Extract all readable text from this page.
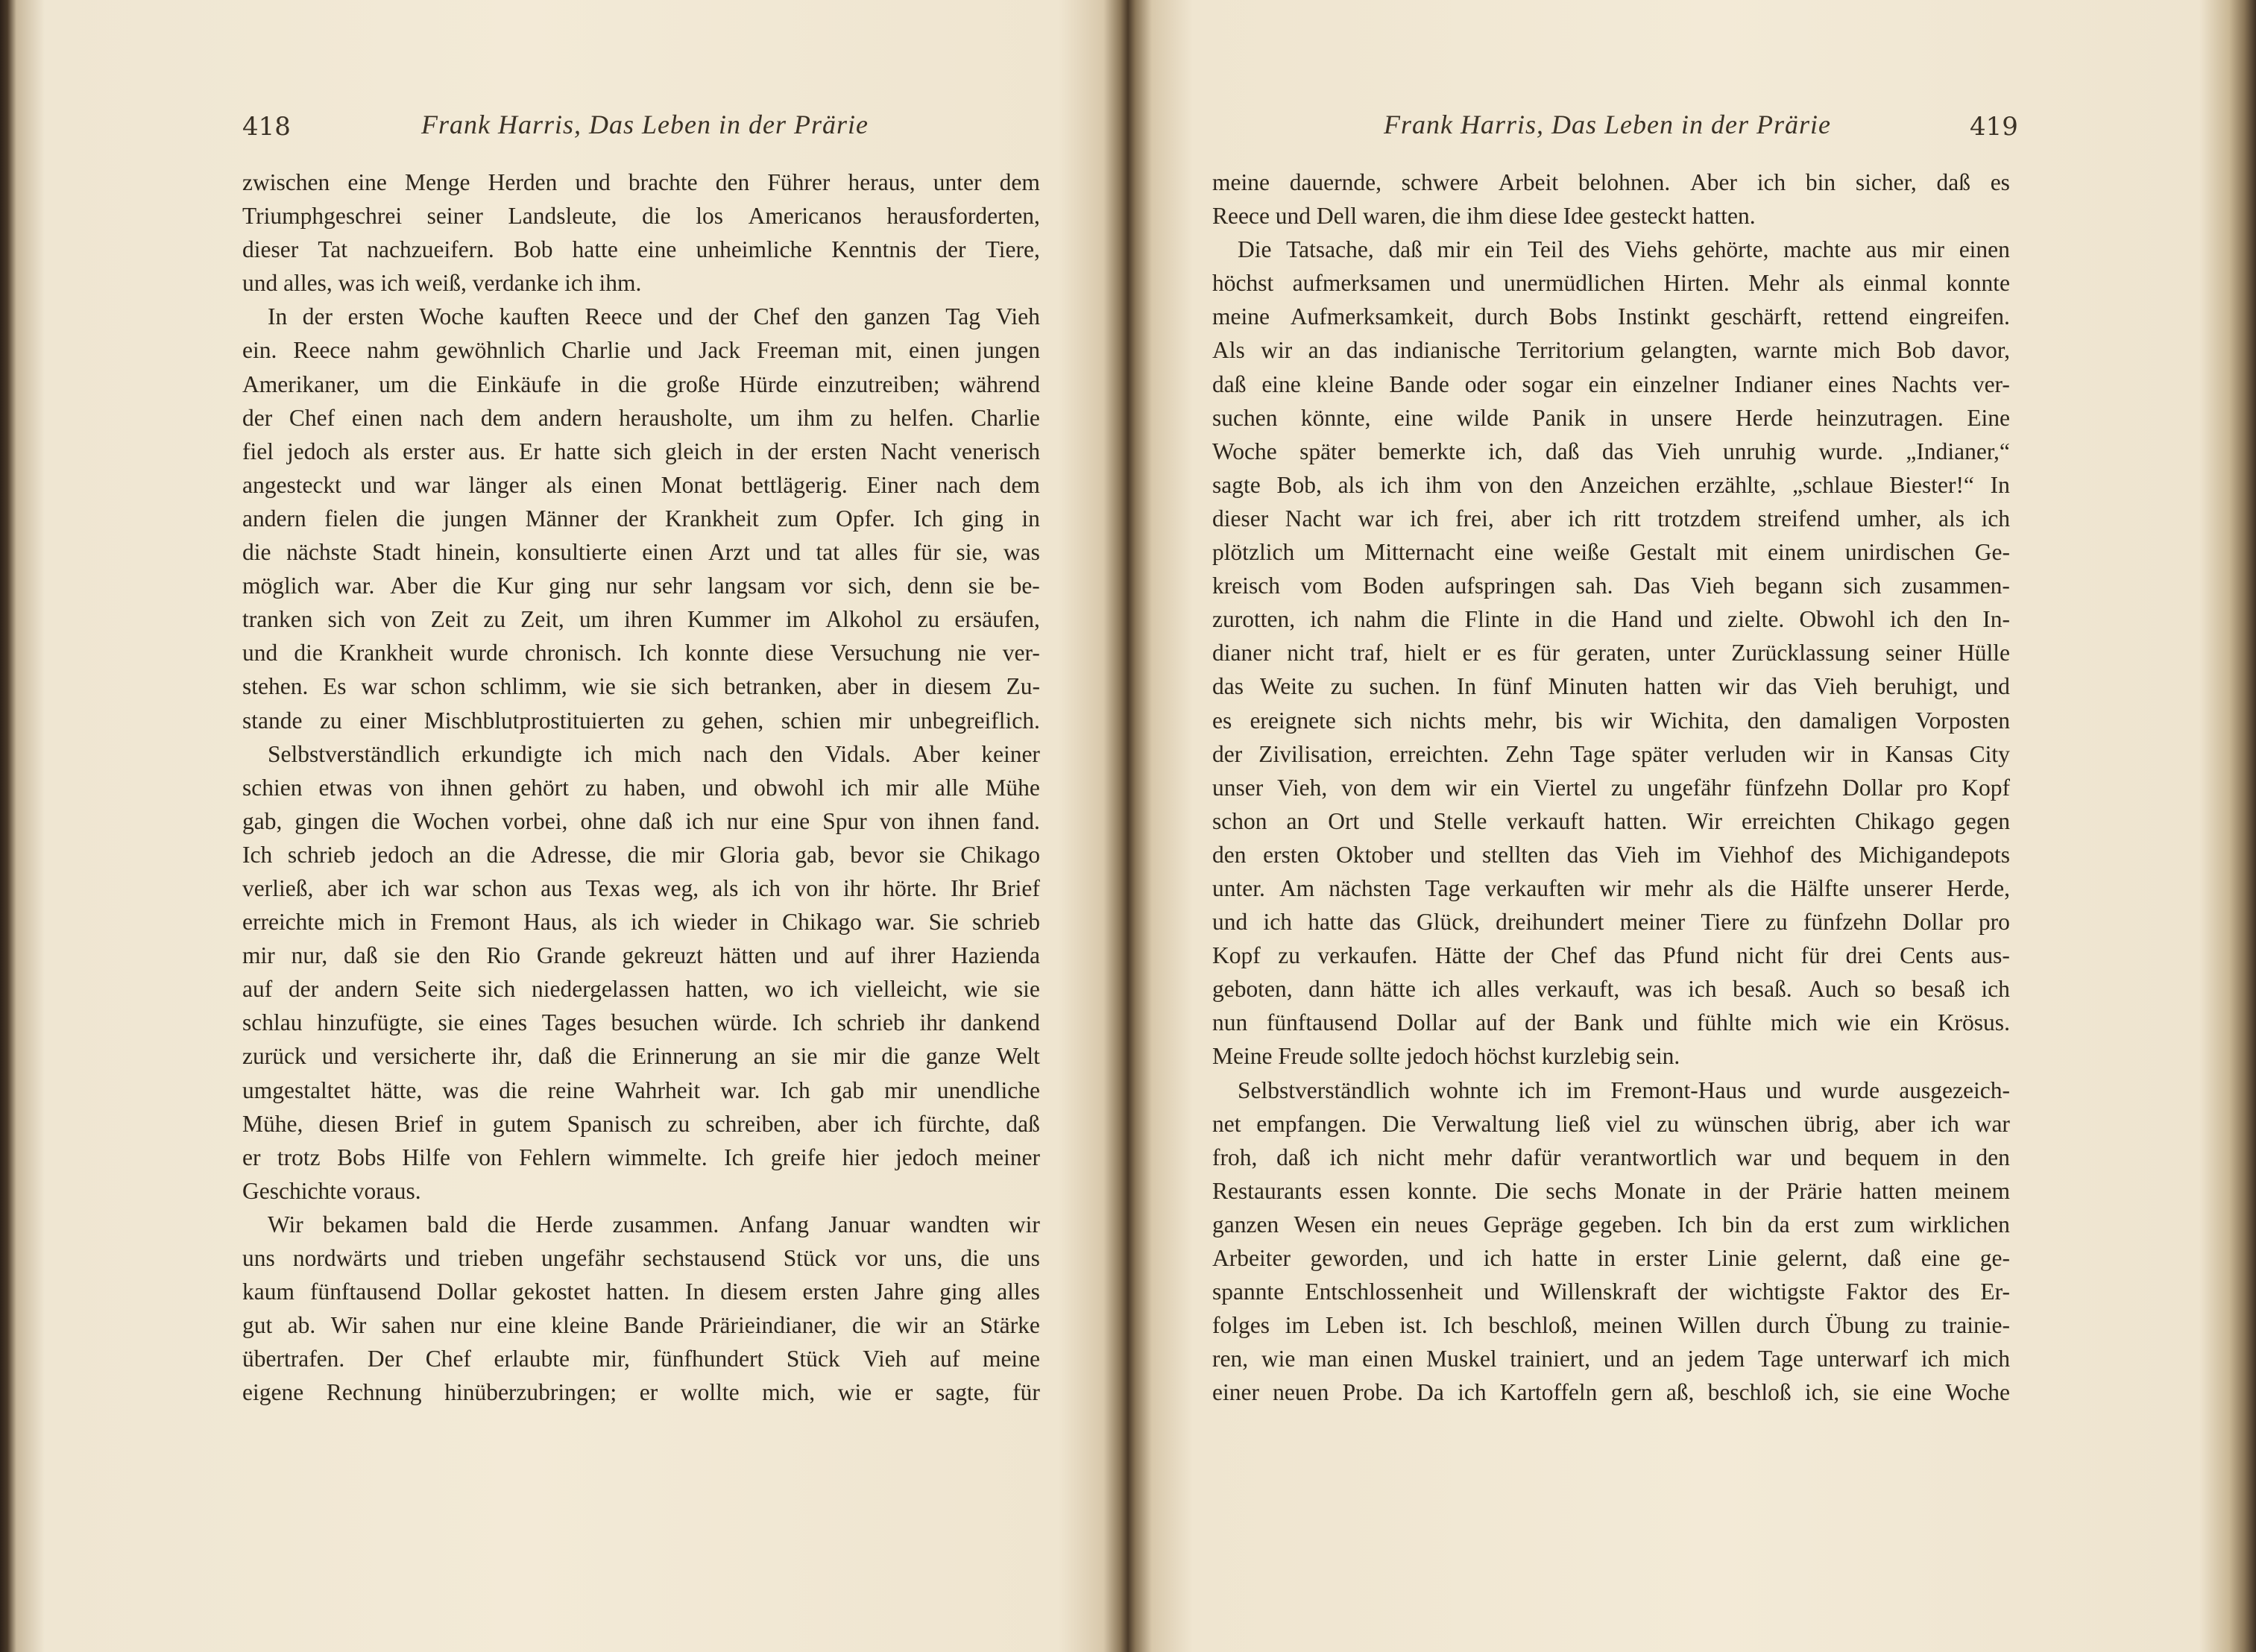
418	Frank Harris, Das Leben in der Prärie
zwischen eine Menge Herden und brachte den Führer heraus, unter dem
Triumphgeschrei seiner Landsleute, die los Americanos herausforderten,
dieser Tat nachzueifern. Bob hatte eine unheimliche Kenntnis der Tiere,
und alles, was ich weiß, verdanke ich ihm.
In der ersten Woche kauften Reece und der Chef den ganzen Tag Vieh
ein. Reece nahm gewöhnlich Charlie und Jack Freeman mit, einen jungen
Amerikaner, um die Einkäufe in die große Hürde einzutreiben; während
der Chef einen nach dem andern herausholte, um ihm zu helfen. Charlie
fiel jedoch als erster aus. Er hatte sich gleich in der ersten Nacht venerisch
angesteckt und war länger als einen Monat bettlägerig. Einer nach dem
andern fielen die jungen Männer der Krankheit zum Opfer. Ich ging in
die nächste Stadt hinein, konsultierte einen Arzt und tat alles für sie, was
möglich war. Aber die Kur ging nur sehr langsam vor sich, denn sie be-
tranken sich von Zeit zu Zeit, um ihren Kummer im Alkohol zu ersäufen,
und die Krankheit wurde chronisch. Ich konnte diese Versuchung nie ver-
stehen. Es war schon schlimm, wie sie sich betranken, aber in diesem Zu-
stande zu einer Mischblutprostituierten zu gehen, schien mir unbegreiflich.
Selbstverständlich erkundigte ich mich nach den Vidals. Aber keiner
schien etwas von ihnen gehört zu haben, und obwohl ich mir alle Mühe
gab, gingen die Wochen vorbei, ohne daß ich nur eine Spur von ihnen fand.
Ich schrieb jedoch an die Adresse, die mir Gloria gab, bevor sie Chikago
verließ, aber ich war schon aus Texas weg, als ich von ihr hörte. Ihr Brief
erreichte mich in Fremont Haus, als ich wieder in Chikago war. Sie schrieb
mir nur, daß sie den Rio Grande gekreuzt hätten und auf ihrer Hazienda
auf der andern Seite sich niedergelassen hatten, wo ich vielleicht, wie sie
schlau hinzufügte, sie eines Tages besuchen würde. Ich schrieb ihr dankend
zurück und versicherte ihr, daß die Erinnerung an sie mir die ganze Welt
umgestaltet hätte, was die reine Wahrheit war. Ich gab mir unendliche
Mühe, diesen Brief in gutem Spanisch zu schreiben, aber ich fürchte, daß
er trotz Bobs Hilfe von Fehlern wimmelte. Ich greife hier jedoch meiner
Geschichte voraus.
Wir bekamen bald die Herde zusammen. Anfang Januar wandten wir
uns nordwärts und trieben ungefähr sechstausend Stück vor uns, die uns
kaum fünftausend Dollar gekostet hatten. In diesem ersten Jahre ging alles
gut ab. Wir sahen nur eine kleine Bande Prärieindianer, die wir an Stärke
übertrafen. Der Chef erlaubte mir, fünfhundert Stück Vieh auf meine
eigene Rechnung hinüberzubringen; er wollte mich, wie er sagte, für
419
Frank Harris, Das Leben in der Prärie
meine dauernde, schwere Arbeit belohnen. Aber ich bin sicher, daß es
Reece und Dell waren, die ihm diese Idee gesteckt hatten.
Die Tatsache, daß mir ein Teil des Viehs gehörte, machte aus mir einen
höchst aufmerksamen und unermüdlichen Hirten. Mehr als einmal konnte
meine Aufmerksamkeit, durch Bobs Instinkt geschärft, rettend eingreifen.
Als wir an das indianische Territorium gelangten, warnte mich Bob davor,
daß eine kleine Bande oder sogar ein einzelner Indianer eines Nachts ver-
suchen könnte, eine wilde Panik in unsere Herde heinzutragen. Eine
Woche später bemerkte ich, daß das Vieh unruhig wurde. „Indianer,“
sagte Bob, als ich ihm von den Anzeichen erzählte, „schlaue Biester!“ In
dieser Nacht war ich frei, aber ich ritt trotzdem streifend umher, als ich
plötzlich um Mitternacht eine weiße Gestalt mit einem unirdischen Ge-
kreisch vom Boden aufspringen sah. Das Vieh begann sich zusammen-
zurotten, ich nahm die Flinte in die Hand und zielte. Obwohl ich den In-
dianer nicht traf, hielt er es für geraten, unter Zurücklassung seiner Hülle
das Weite zu suchen. In fünf Minuten hatten wir das Vieh beruhigt, und
es ereignete sich nichts mehr, bis wir Wichita, den damaligen Vorposten
der Zivilisation, erreichten. Zehn Tage später verluden wir in Kansas City
unser Vieh, von dem wir ein Viertel zu ungefähr fünfzehn Dollar pro Kopf
schon an Ort und Stelle verkauft hatten. Wir erreichten Chikago gegen
den ersten Oktober und stellten das Vieh im Viehhof des Michigandepots
unter. Am nächsten Tage verkauften wir mehr als die Hälfte unserer Herde,
und ich hatte das Glück, dreihundert meiner Tiere zu fünfzehn Dollar pro
Kopf zu verkaufen. Hätte der Chef das Pfund nicht für drei Cents aus-
geboten, dann hätte ich alles verkauft, was ich besaß. Auch so besaß ich
nun fünftausend Dollar auf der Bank und fühlte mich wie ein Krösus.
Meine Freude sollte jedoch höchst kurzlebig sein.
Selbstverständlich wohnte ich im Fremont-Haus und wurde ausgezeich-
net empfangen. Die Verwaltung ließ viel zu wünschen übrig, aber ich war
froh, daß ich nicht mehr dafür verantwortlich war und bequem in den
Restaurants essen konnte. Die sechs Monate in der Prärie hatten meinem
ganzen Wesen ein neues Gepräge gegeben. Ich bin da erst zum wirklichen
Arbeiter geworden, und ich hatte in erster Linie gelernt, daß eine ge-
spannte Entschlossenheit und Willenskraft der wichtigste Faktor des Er-
folges im Leben ist. Ich beschloß, meinen Willen durch Übung zu trainie-
ren, wie man einen Muskel trainiert, und an jedem Tage unterwarf ich mich
einer neuen Probe. Da ich Kartoffeln gern aß, beschloß ich, sie eine Woche
